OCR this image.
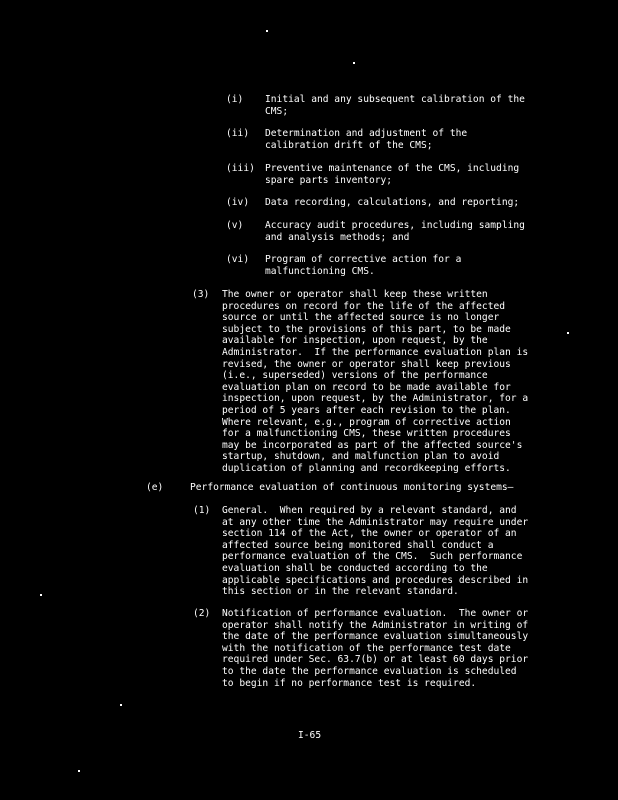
(i) Initial and any subsequent calibration of the
CMS;
(ii) Determination and adjustment of the
calibration drift of the CMS;
(iii) Preventive maintenance of the CMS, including
spare parts inventory;
(iv) Data recording, calculations, and reporting;
(v) Accuracy audit procedures, including sampling
and analysis methods; and
(vi) Program of corrective action for a
malfunctioning CMS.
(3) The owner or operator shall keep these written
procedures on record for the life of the affected
source or until the affected source is no longer
subject to the provisions of this part, to be made
available for inspection, upon request, by the
Administrator.  If the performance evaluation plan is
revised, the owner or operator shall keep previous
(i.e., superseded) versions of the performance
evaluation plan on record to be made available for
inspection, upon request, by the Administrator, for a
period of 5 years after each revision to the plan.
Where relevant, e.g., program of corrective action
for a malfunctioning CMS, these written procedures
may be incorporated as part of the affected source's
startup, shutdown, and malfunction plan to avoid
duplication of planning and recordkeeping efforts.
(e)	Performance evaluation of continuous monitoring systems—
(1) General.  When required by a relevant standard, and
at any other time the Administrator may require under
section 114 of the Act, the owner or operator of an
affected source being monitored shall conduct a
performance evaluation of the CMS.  Such performance
evaluation shall be conducted according to the
applicable specifications and procedures described in
this section or in the relevant standard.
(2) Notification of performance evaluation.  The owner or
operator shall notify the Administrator in writing of
the date of the performance evaluation simultaneously
with the notification of the performance test date
required under Sec. 63.7(b) or at least 60 days prior
to the date the performance evaluation is scheduled
to begin if no performance test is required.
I-65
